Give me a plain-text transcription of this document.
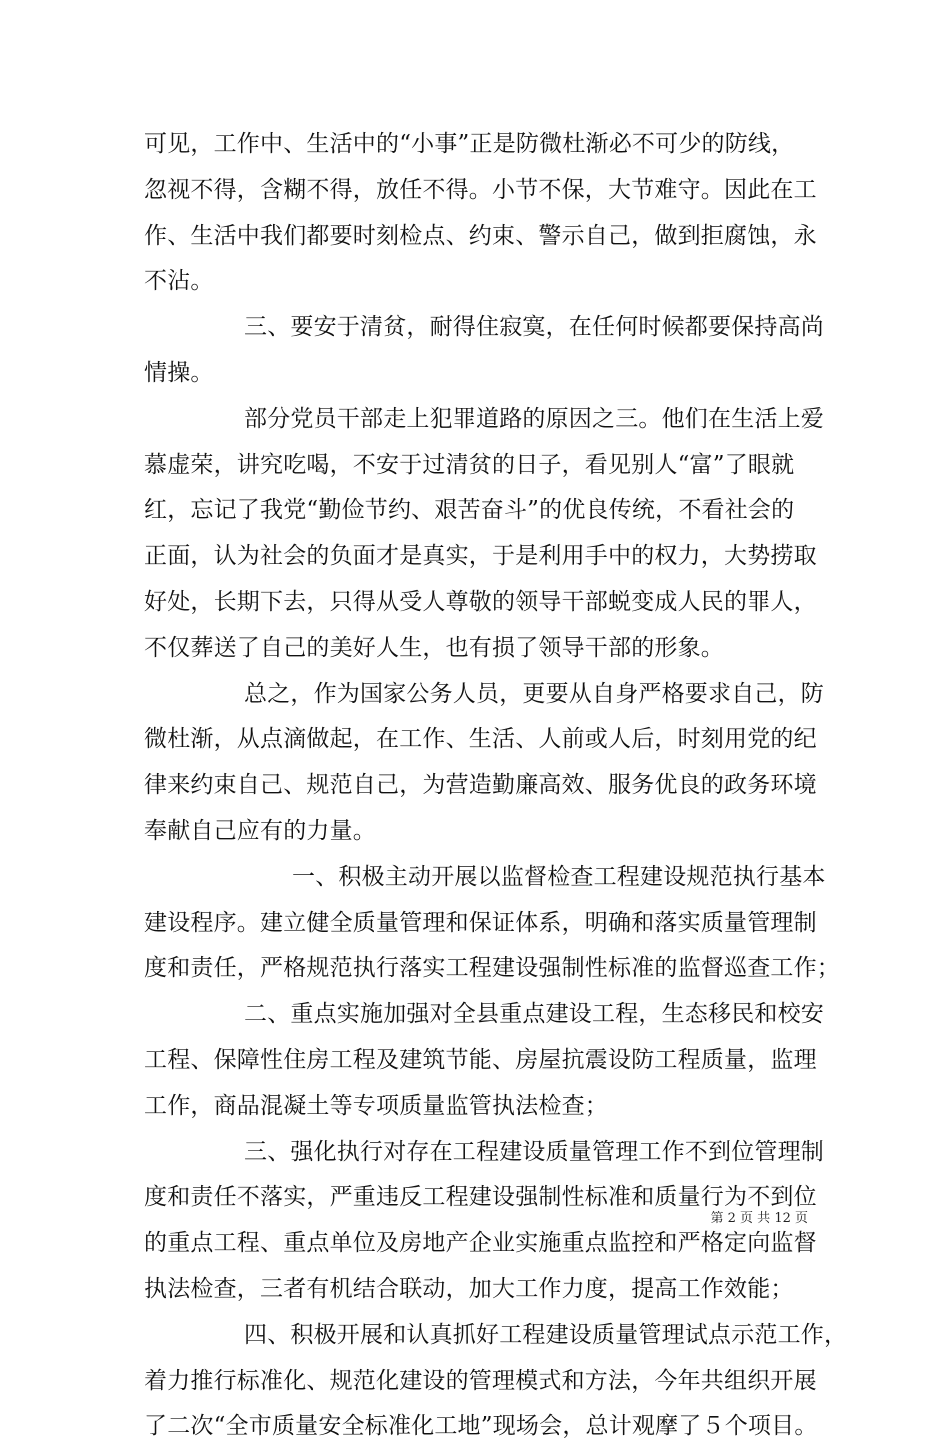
可见，工作中、生活中的“小事”正是防微杜渐必不可少的防线，
忽视不得，含糊不得，放任不得。小节不保，大节难守。因此在工
作、生活中我们都要时刻检点、约束、警示自己，做到拒腐蚀，永
不沾。
三、要安于清贫，耐得住寂寞，在任何时候都要保持高尚
情操。
部分党员干部走上犯罪道路的原因之三。他们在生活上爱
慕虚荣，讲究吃喝，不安于过清贫的日子，看见别人“富”了眼就
红，忘记了我党“勤俭节约、艰苦奋斗”的优良传统，不看社会的
正面，认为社会的负面才是真实，于是利用手中的权力，大势捞取
好处，长期下去，只得从受人尊敬的领导干部蜕变成人民的罪人，
不仅葬送了自己的美好人生，也有损了领导干部的形象。
总之，作为国家公务人员，更要从自身严格要求自己，防
微杜渐，从点滴做起，在工作、生活、人前或人后，时刻用党的纪
律来约束自己、规范自己，为营造勤廉高效、服务优良的政务环境
奉献自己应有的力量。
一、积极主动开展以监督检查工程建设规范执行基本
建设程序。建立健全质量管理和保证体系，明确和落实质量管理制
度和责任，严格规范执行落实工程建设强制性标准的监督巡查工作；
二、重点实施加强对全县重点建设工程，生态移民和校安
工程、保障性住房工程及建筑节能、房屋抗震设防工程质量，监理
工作，商品混凝土等专项质量监管执法检查；
三、强化执行对存在工程建设质量管理工作不到位管理制
度和责任不落实，严重违反工程建设强制性标准和质量行为不到位
的重点工程、重点单位及房地产企业实施重点监控和严格定向监督
执法检查，三者有机结合联动，加大工作力度，提高工作效能；
四、积极开展和认真抓好工程建设质量管理试点示范工作，
着力推行标准化、规范化建设的管理模式和方法，今年共组织开展
了二次“全市质量安全标准化工地”现场会，总计观摩了５个项目。
第 2 页 共 12 页
